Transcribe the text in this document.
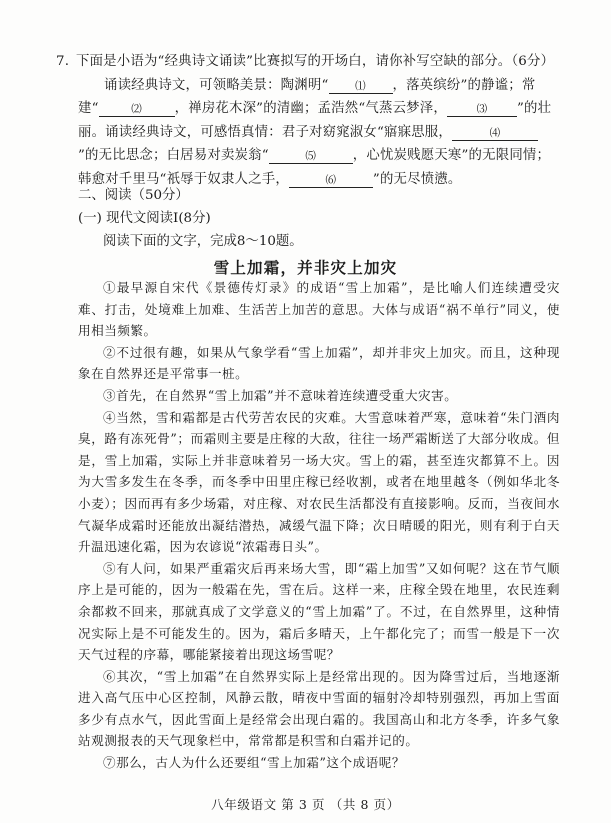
7. 下面是小语为“经典诗文诵读”比赛拟写的开场白，请你补写空缺的部分。（6分）

诵读经典诗文，可领略美景：陶渊明“	⑴ ，落英缤纷”的静谧；常建“	⑵ ，禅房花木深”的清幽；孟浩然“气蒸云梦泽，	⑶ ”的壮丽。诵读经典诗文，可感悟真情：君子对窈窕淑女“寤寐思服，	⑷”的无比思念；白居易对卖炭翁“	⑸	，心忧炭贱愿天寒”的无限同情；韩愈对千里马“祇辱于奴隶人之手，	⑹	”的无尽愤懑。

二、阅读（50分）
(一) 现代文阅读Ⅰ(8分)
阅读下面的文字，完成8～10题。
雪上加霜，并非灾上加灾

①最早源自宋代《景德传灯录》的成语“雪上加霜”，是比喻人们连续遭受灾难、打击，处境难上加难、生活苦上加苦的意思。大体与成语“祸不单行”同义，使用相当频繁。

②不过很有趣，如果从气象学看“雪上加霜”，却并非灾上加灾。而且，这种现象在自然界还是平常事一桩。

③首先，在自然界“雪上加霜”并不意味着连续遭受重大灾害。

④当然，雪和霜都是古代劳苦农民的灾难。大雪意味着严寒，意味着“朱门酒肉臭，路有冻死骨”；而霜则主要是庄稼的大敌，往往一场严霜断送了大部分收成。但是，雪上加霜，实际上并非意味着另一场大灾。雪上的霜，甚至连灾都算不上。因为大雪多发生在冬季，而冬季中田里庄稼已经收割，或者在地里越冬（例如华北冬小麦）；因而再有多少场霜，对庄稼、对农民生活都没有直接影响。反而，当夜间水气凝华成霜时还能放出凝结潜热，减缓气温下降；次日晴暖的阳光，则有利于白天升温迅速化霜，因为农谚说“浓霜毒日头”。

⑤有人问，如果严重霜灾后再来场大雪，即“霜上加雪”又如何呢？这在节气顺序上是可能的，因为一般霜在先，雪在后。这样一来，庄稼全毁在地里，农民连剩余都救不回来，那就真成了文学意义的“雪上加霜”了。不过，在自然界里，这种情况实际上是不可能发生的。因为，霜后多晴天，上午都化完了；而雪一般是下一次天气过程的序幕，哪能紧接着出现这场雪呢？

⑥其次，“雪上加霜”在自然界实际上是经常出现的。因为降雪过后，当地逐渐进入高气压中心区控制，风静云散，晴夜中雪面的辐射冷却特别强烈，再加上雪面多少有点水气，因此雪面上是经常会出现白霜的。我国高山和北方冬季，许多气象站观测报表的天气现象栏中，常常都是积雪和白霜并记的。

⑦那么，古人为什么还要组“雪上加霜”这个成语呢？

八年级语文 第 3 页 （共 8 页）
